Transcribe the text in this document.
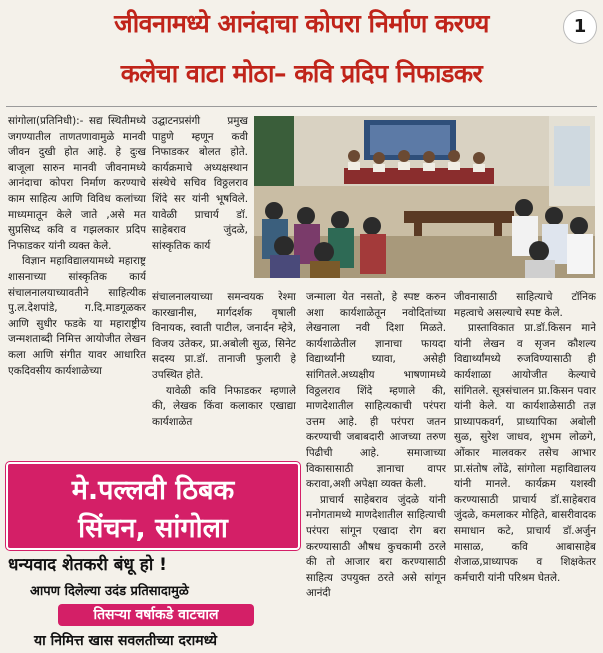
जीवनामध्ये आनंदाचा कोपरा निर्माण करण्य	1
कलेचा वाटा मोठा– कवि प्रदिप निफाडकर

सांगोला(प्रतिनिधी):- सद्य स्थितीमध्ये जगण्यातील ताणतणावामुळे मानवी जीवन दुखी होत आहे. हे दुःख बाजूला सारुन मानवी जीवनामध्ये आनंदाचा कोपरा निर्माण करण्याचे काम साहित्य आणि विविध कलांच्या माध्यमातून केले जाते ,असे मत सुप्रसिध्द कवि व गझलकार प्रदिप निफाडकर यांनी व्यक्त केले.

विज्ञान महाविद्यालयामध्ये महाराष्ट्र शासनाच्या सांस्कृतिक कार्य संचालनालयाच्यावतीने साहित्यीक पु.ल.देशपांडे, ग.दि.माडगूळकर आणि सुधीर फडके या महाराष्ट्रीय जन्मशताब्दी निमित्त आयोजीत लेखन कला आणि संगीत यावर आधारित एकदिवसीय कार्यशाळेच्या

उद्घाटनप्रसंगी प्रमुख पाहुणे म्हणून कवी निफाडकर बोलत होते. कार्यक्रमाचे अध्यक्षस्थान संस्थेचे सचिव विठ्ठलराव शिंदे सर यांनी भूषविले. यावेळी प्राचार्य डॉ. साहेबराव जुंदळे, सांस्कृतिक कार्य

संचालनालयाच्या समन्वयक रेश्मा कारखानीस, मार्गदर्शक वृषाली विनायक, स्वाती पाटील, जनार्दन म्हेत्रे, विजय उतेकर, प्रा.अबोली सुळ, सिनेट सदस्य प्रा.डॉ. तानाजी फुलारी हे उपस्थित होते.

यावेळी कवि निफाडकर म्हणाले की, लेखक किंवा कलाकार एखाद्या कार्यशाळेत

जन्माला येत नसतो, हे स्पष्ट करुन अशा कार्यशाळेतून नवोदितांच्या लेखनाला नवी दिशा मिळते. कार्यशाळेतील ज्ञानाचा फायदा विद्यार्थ्यांनी घ्यावा, असेही सांगितले.अध्यक्षीय भाषणामध्ये विठ्ठलराव शिंदे म्हणाले की, माणदेशातील साहित्यकाची परंपरा उत्तम आहे. ही परंपरा जतन करण्याची जबाबदारी आजच्या तरुण पिढीची आहे. समाजाच्या विकासासाठी ज्ञानाचा वापर करावा,अशी अपेक्षा व्यक्त केली.

प्राचार्य साहेबराव जुंदळे यांनी मनोगतामध्ये माणदेशातील साहित्याची परंपरा सांगून एखादा रोग बरा करण्यासाठी औषध कुचकामी ठरले की तो आजार बरा करण्यासाठी साहित्य उपयुक्त ठरते असे सांगून आनंदी

जीवनासाठी साहित्याचे टॉनिक महत्वाचे असल्याचे स्पष्ट केले.

प्रास्ताविकात प्रा.डॉ.किसन माने यांनी लेखन व सृजन कौशल्य विद्यार्थ्यांमध्ये रुजविण्यासाठी ही कार्यशाळा आयोजीत केल्याचे सांगितले. सूत्रसंचालन प्रा.किसन पवार यांनी केले. या कार्यशाळेसाठी तज्ञ प्राध्यापकवर्ग, प्राध्यापिका अबोली सुळ, सुरेश जाधव, शुभम लोळगे, ओंकार मालवकर तसेच आभार प्रा.संतोष लोंढे, सांगोला महाविद्यालय यांनी मानले. कार्यक्रम यशस्वी करण्यासाठी प्राचार्य डॉ.साहेबराव जुंदळे, कमलाकर मोहिते, बासरीवादक समाधान कटे, प्राचार्य डॉ.अर्जुन मासाळ, कवि आबासाहेब शेजाळ,प्राध्यापक व शिक्षकेतर कर्मचारी यांनी परिश्रम घेतले.

मे.पल्लवी ठिबक
सिंचन, सांगोला
धन्यवाद शेतकरी बंधू हो !
आपण दिलेल्या उदंड प्रतिसादामुळे
तिसऱ्या वर्षाकडे वाटचाल
या निमित्त खास सवलतीच्या दरामध्ये
